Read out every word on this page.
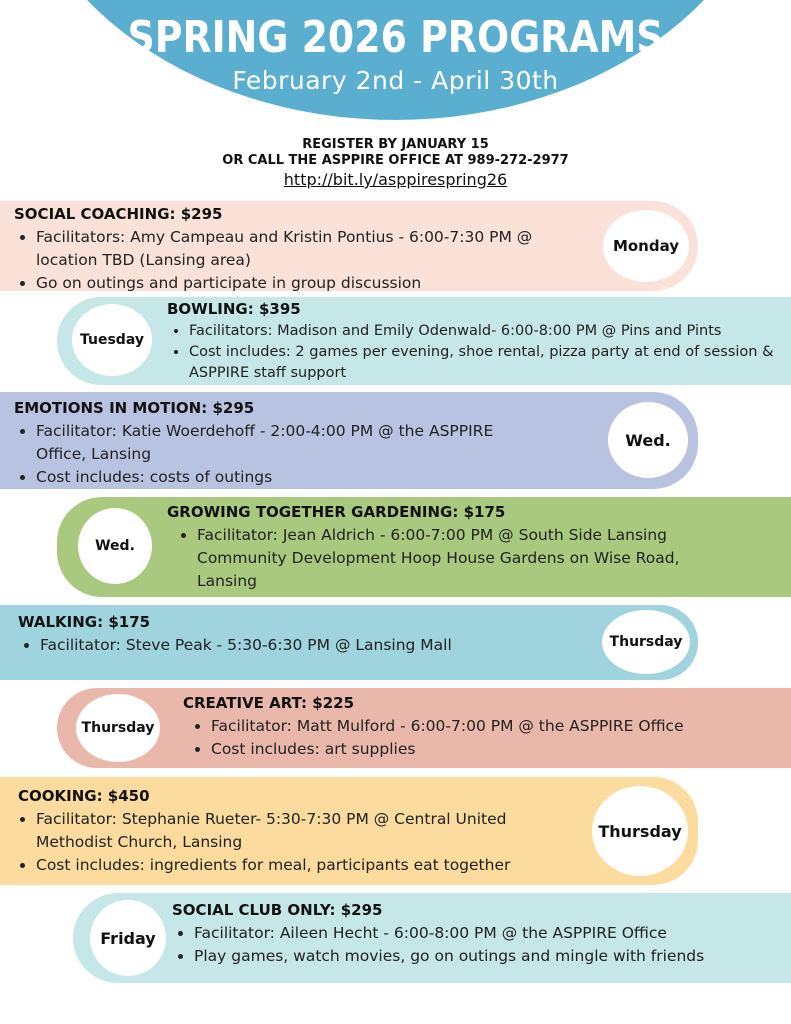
SPRING 2026 PROGRAMS
February 2nd - April 30th
REGISTER BY JANUARY 15
OR CALL THE ASPPIRE OFFICE AT 989-272-2977
http://bit.ly/asppirespring26
Monday
SOCIAL COACHING: $295
• Facilitators: Amy Campeau and Kristin Pontius - 6:00-7:30 PM @ location TBD (Lansing area)
• Go on outings and participate in group discussion
Tuesday
BOWLING: $395
• Facilitators: Madison and Emily Odenwald- 6:00-8:00 PM @ Pins and Pints
• Cost includes: 2 games per evening, shoe rental, pizza party at end of session & ASPPIRE staff support
Wed.
EMOTIONS IN MOTION: $295
• Facilitator: Katie Woerdehoff - 2:00-4:00 PM @ the ASPPIRE Office, Lansing
• Cost includes: costs of outings
Wed.
GROWING TOGETHER GARDENING: $175
• Facilitator: Jean Aldrich - 6:00-7:00 PM @ South Side Lansing Community Development Hoop House Gardens on Wise Road, Lansing
Thursday
WALKING: $175
• Facilitator: Steve Peak - 5:30-6:30 PM @ Lansing Mall
Thursday
CREATIVE ART: $225
• Facilitator: Matt Mulford - 6:00-7:00 PM @ the ASPPIRE Office
• Cost includes: art supplies
Thursday
COOKING: $450
• Facilitator: Stephanie Rueter- 5:30-7:30 PM @ Central United Methodist Church, Lansing
• Cost includes: ingredients for meal, participants eat together
Friday
SOCIAL CLUB ONLY: $295
• Facilitator: Aileen Hecht - 6:00-8:00 PM @ the ASPPIRE Office
• Play games, watch movies, go on outings and mingle with friends
